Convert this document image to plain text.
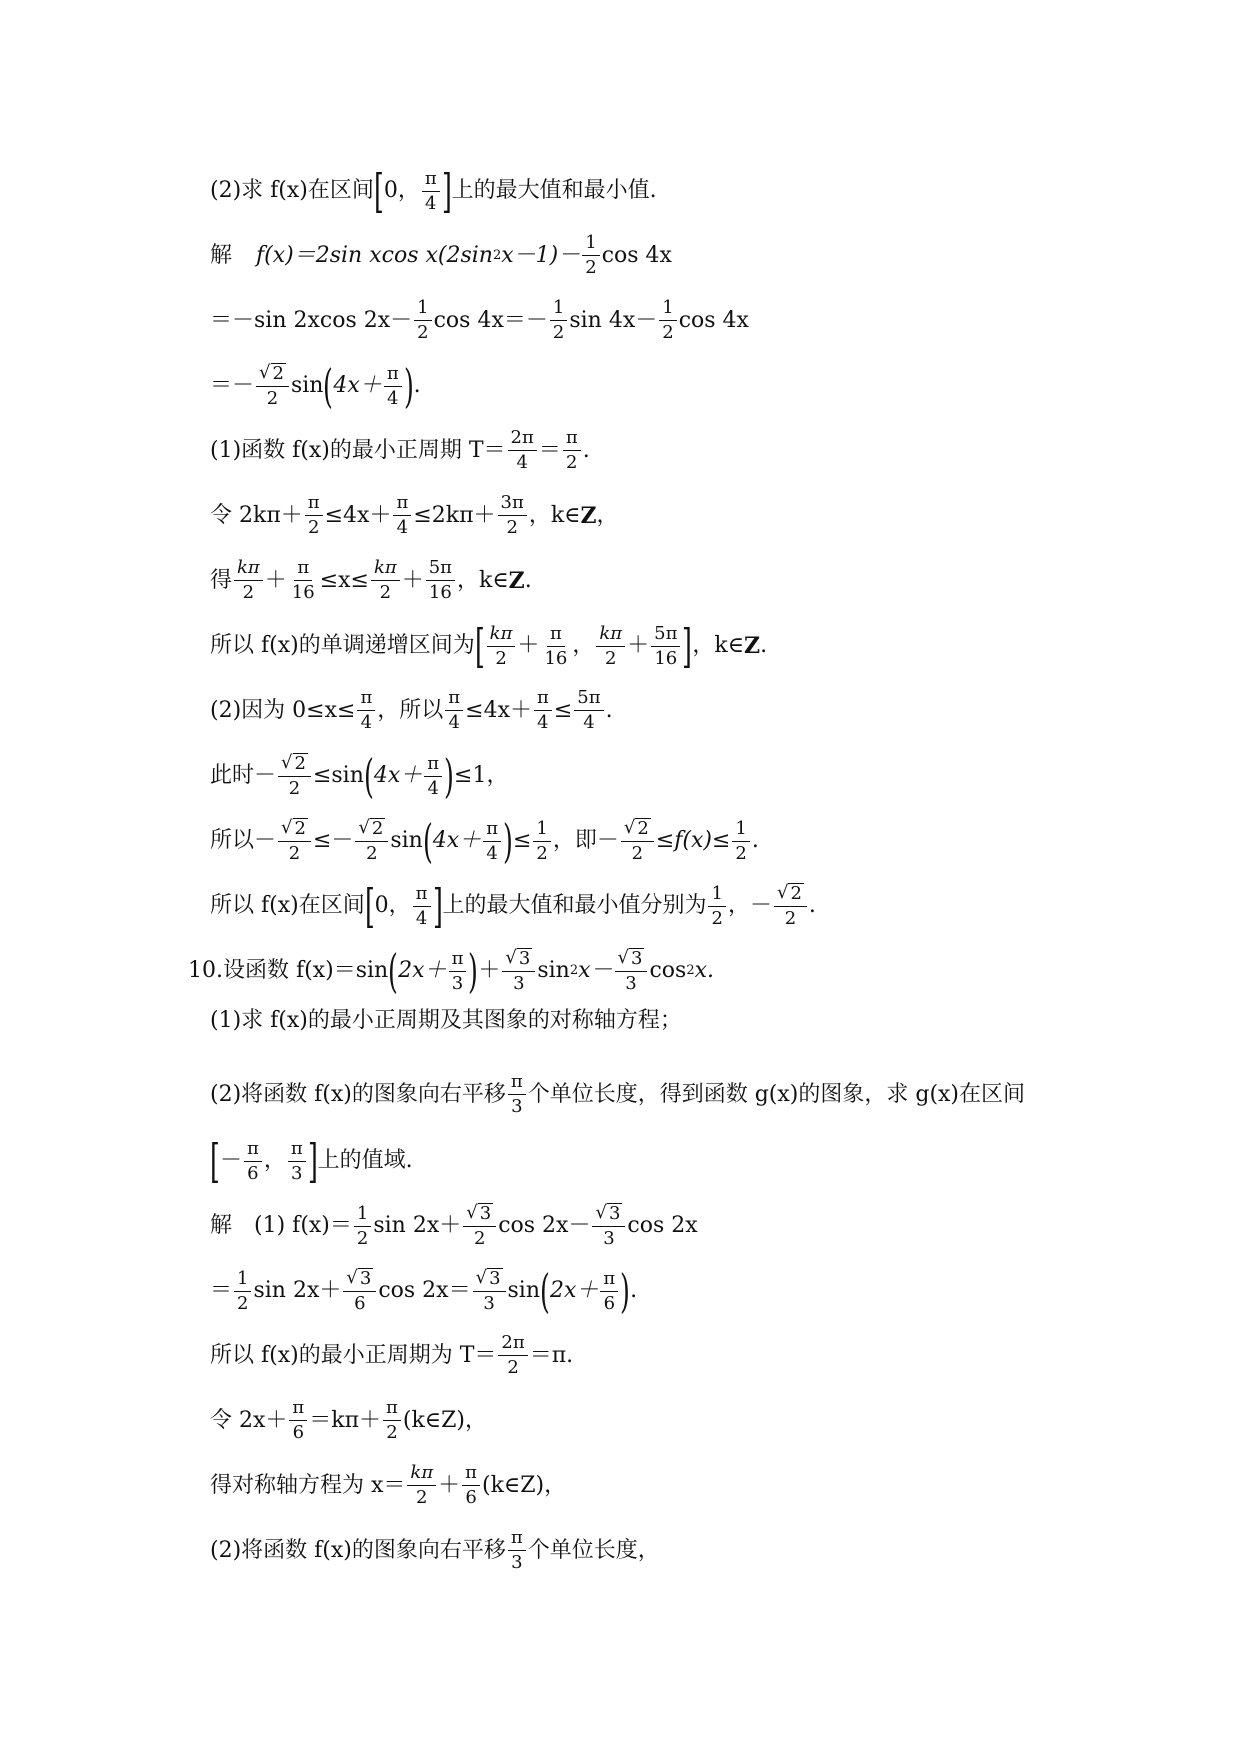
(2)求 f(x)在区间 [ 0， $\frac{\pi}{4}$ ] 上的最大值和最小值.
解 f(x)＝2sin xcos x(2sin 2 $x-1)- \frac{1}{2}$ cos 4x
＝－sin 2xcos $2x- \frac{1}{2}$ $\cos 4x=- \frac{1}{2}$ $\sin 4x- \frac{1}{2}$ cos 4x
＝－ $\frac{√ 2}{2}$ sin ( $4x+ \frac{\pi}{4}$ ) .
(1)函数 f(x)的最小正周期 $T= \frac{2\pi}{4} = \frac{\pi}{2}$ .
令 $2k\pi+ \frac{\pi}{2} \le 4x+ \frac{\pi}{4} \le 2k\pi+ \frac{3\pi}{2}$ ，k∈ Z ，
得 $\frac{k\pi}{2} + \frac{\pi}{16} \le x\le \frac{k\pi}{2} + \frac{5\pi}{16}$ ，k∈ Z .
所以 f(x)的单调递增区间为 [ $\frac{k\pi}{2} + \frac{\pi}{16}$ ， $\frac{k\pi}{2} + \frac{5\pi}{16}$ ] ，k∈ Z .
(2)因为 $0\le x\le \frac{\pi}{4}$ ，所以 $\frac{\pi}{4} \le 4x+ \frac{\pi}{4} \le \frac{5\pi}{4}$ .
此时－ $\frac{√ 2}{2} \le \sin$ ( $4x+ \frac{\pi}{4}$ ) ≤1，
所以－ $\frac{√ 2}{2} \le- \frac{√ 2}{2}$ sin ( $4x+ \frac{\pi}{4}$ ) ≤ $\frac{1}{2}$ ，即－ $\frac{√ 2}{2} \le f(x)\le \frac{1}{2}$ .
所以 f(x)在区间 [ 0， $\frac{\pi}{4}$ ] 上的最大值和最小值分别为 $\frac{1}{2}$ ，－ $\frac{√ 2}{2}$ .
10.设函数 f(x)＝sin ( $2x+ \frac{\pi}{3}$ ) ＋ $\frac{√ 3}{3}$ sin 2 $x- \frac{√ 3}{3}$ cos 2 x.
(1)求 f(x)的最小正周期及其图象的对称轴方程；
(2)将函数 f(x)的图象向右平移 $\frac{\pi}{3}$ 个单位长度，得到函数 g(x)的图象，求 g(x)在区间
[ － $\frac{\pi}{6}$ ， $\frac{\pi}{3}$ ] 上的值域.
解 (1) $f(x)= \frac{1}{2}$ $\sin 2x+ \frac{√ 3}{2}$ $\cos 2x- \frac{√ 3}{3}$ cos 2x
＝ $\frac{1}{2}$ $\sin 2x+ \frac{√ 3}{6}$ $\cos 2x= \frac{√ 3}{3}$ sin ( $2x+ \frac{\pi}{6}$ ) .
所以 f(x)的最小正周期为 $T= \frac{2\pi}{2} =\pi$.
令 $2x+ \frac{\pi}{6} =k\pi+ \frac{\pi}{2}$ (k∈Z)，
得对称轴方程为 $x= \frac{k\pi}{2} + \frac{\pi}{6}$ (k∈Z)，
(2)将函数 f(x)的图象向右平移 $\frac{\pi}{3}$ 个单位长度，
